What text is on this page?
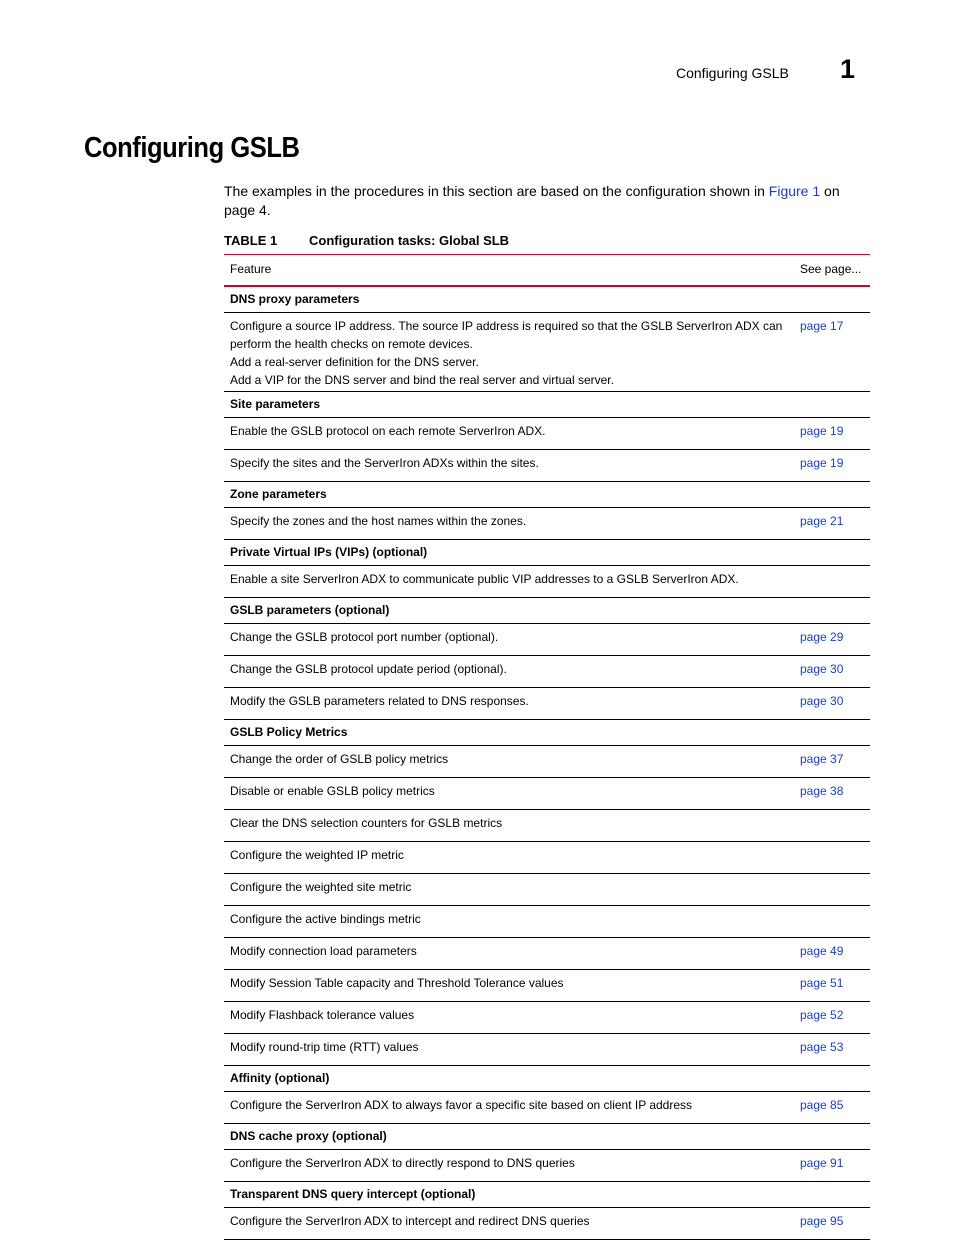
Configuring GSLB 1
Configuring GSLB

The examples in the procedures in this section are based on the configuration shown in Figure 1 on page 4.

TABLE 1 Configuration tasks: Global SLB
Feature	See page...
DNS proxy parameters	

Configure a source IP address. The source IP address is required so that the GSLB ServerIron ADX can perform the health checks on remote devices.
Add a real-server definition for the DNS server.
Add a VIP for the DNS server and bind the real server and virtual server.	page 17
Site parameters	

Enable the GSLB protocol on each remote ServerIron ADX.	page 19

Specify the sites and the ServerIron ADXs within the sites.	page 19
Zone parameters	

Specify the zones and the host names within the zones.	page 21
Private Virtual IPs (VIPs) (optional)	

Enable a site ServerIron ADX to communicate public VIP addresses to a GSLB ServerIron ADX.	

GSLB parameters (optional)	

Change the GSLB protocol port number (optional).	page 29

Change the GSLB protocol update period (optional).	page 30

Modify the GSLB parameters related to DNS responses.	page 30
GSLB Policy Metrics	

Change the order of GSLB policy metrics	page 37

Disable or enable GSLB policy metrics	page 38

Clear the DNS selection counters for GSLB metrics	

Configure the weighted IP metric	

Configure the weighted site metric	

Configure the active bindings metric	

Modify connection load parameters	page 49

Modify Session Table capacity and Threshold Tolerance values	page 51

Modify Flashback tolerance values	page 52

Modify round-trip time (RTT) values	page 53
Affinity (optional)	

Configure the ServerIron ADX to always favor a specific site based on client IP address	page 85
DNS cache proxy (optional)	

Configure the ServerIron ADX to directly respond to DNS queries	page 91
Transparent DNS query intercept (optional)	

Configure the ServerIron ADX to intercept and redirect DNS queries	page 95
